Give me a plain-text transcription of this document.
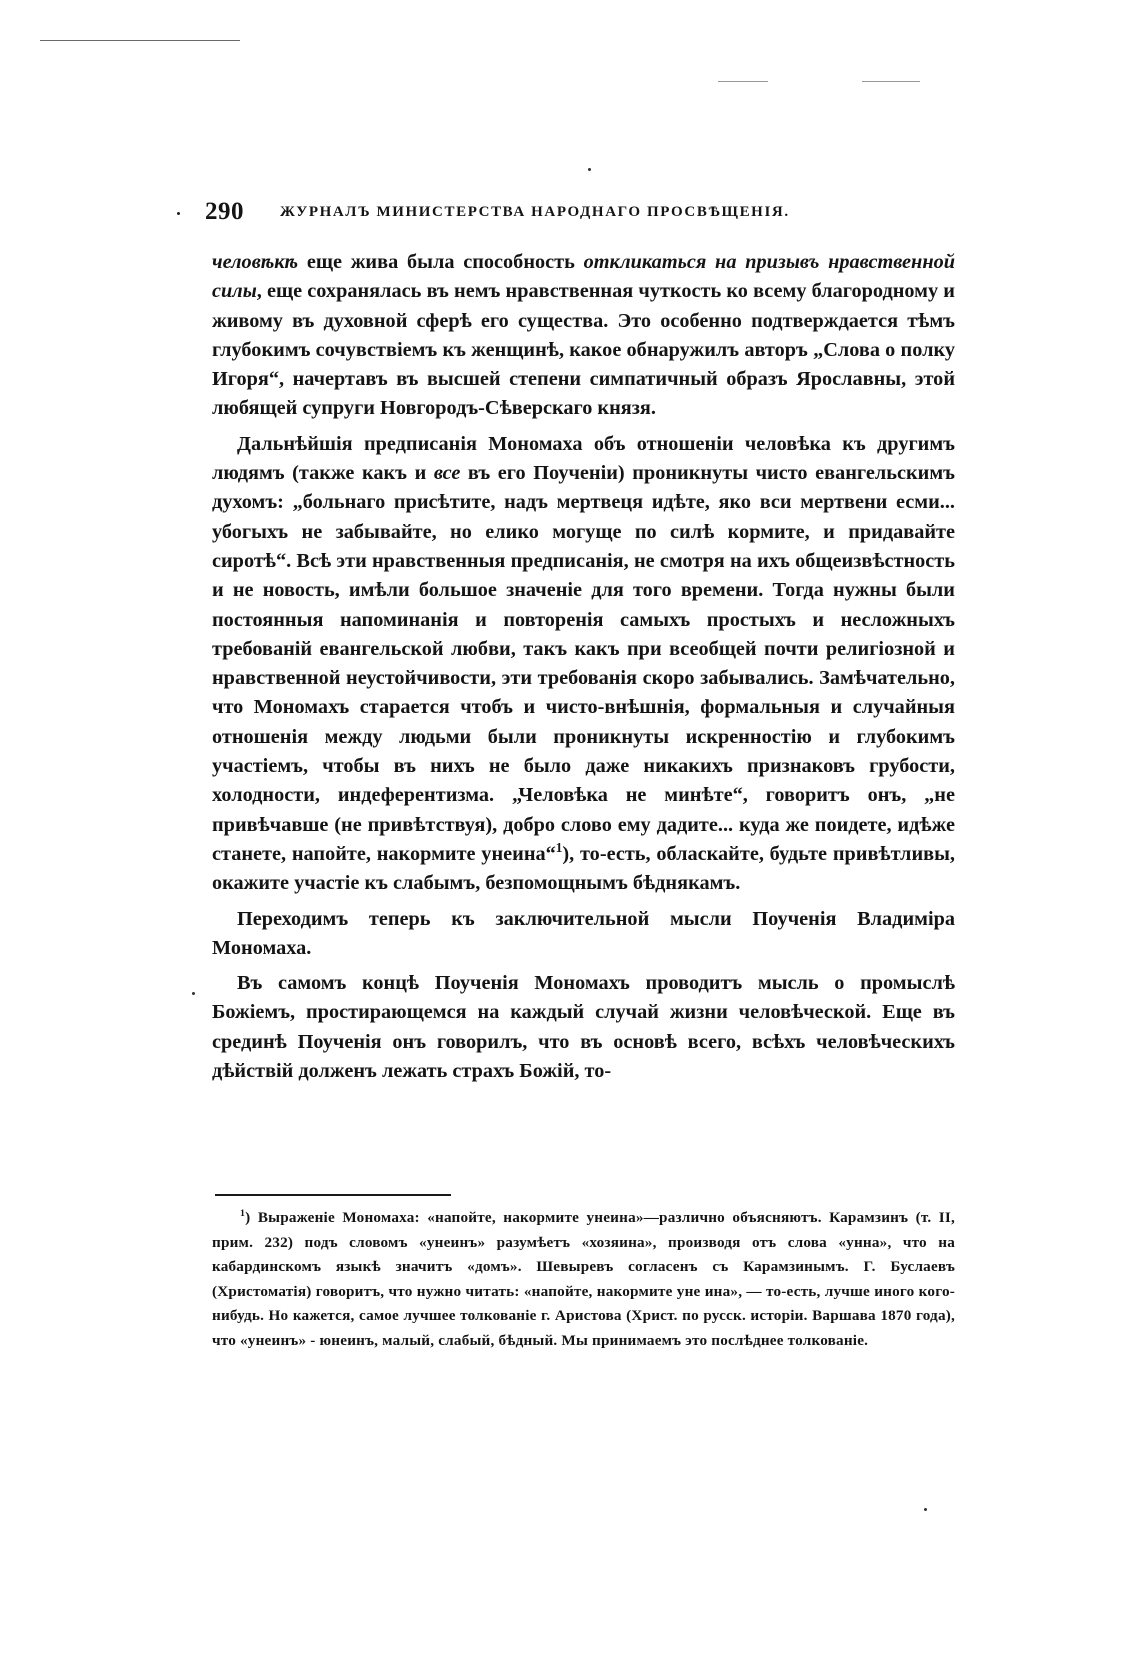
290 ЖУРНАЛЪ МИНИСТЕРСТВА НАРОДНАГО ПРОСВѢЩЕНІЯ.

человѣкѣ еще жива была способность откликаться на призывъ нравственной силы, еще сохранялась въ немъ нравственная чуткость ко всему благородному и живому въ духовной сферѣ его существа. Это особенно подтверждается тѣмъ глубокимъ сочувствіемъ къ женщинѣ, какое обнаружилъ авторъ „Слова о полку Игоря“, начертавъ въ высшей степени симпатичный образъ Ярославны, этой любящей супруги Новгородъ-Сѣверскаго князя.

Дальнѣйшія предписанія Мономаха объ отношеніи человѣка къ другимъ людямъ (также какъ и все въ его Поученіи) проникнуты чисто евангельскимъ духомъ: „больнаго присѣтите, надъ мертвеця идѣте, яко вси мертвени есми... убогыхъ не забывайте, но елико могуще по силѣ кормите, и придавайте сиротѣ“. Всѣ эти нравственныя предписанія, не смотря на ихъ общеизвѣстность и не новость, имѣли большое значеніе для того времени. Тогда нужны были постоянныя напоминанія и повторенія самыхъ простыхъ и несложныхъ требованій евангельской любви, такъ какъ при всеобщей почти религіозной и нравственной неустойчивости, эти требованія скоро забывались. Замѣчательно, что Мономахъ старается чтобъ и чисто-внѣшнія, формальныя и случайныя отношенія между людьми были проникнуты искренностію и глубокимъ участіемъ, чтобы въ нихъ не было даже никакихъ признаковъ грубости, холодности, индеферентизма. „Человѣка не минѣте“, говоритъ онъ, „не привѣчавше (не привѣтствуя), добро слово ему дадите... куда же поидете, идѣже станете, напойте, накормите унеина“$^1$), то-есть, обласкайте, будьте привѣтливы, окажите участіе къ слабымъ, безпомощнымъ бѣднякамъ.

Переходимъ теперь къ заключительной мысли Поученія Владиміра Мономаха.

Въ самомъ концѣ Поученія Мономахъ проводитъ мысль о промыслѣ Божіемъ, простирающемся на каждый случай жизни человѣческой. Еще въ срединѣ Поученія онъ говорилъ, что въ основѣ всего, всѣхъ человѣческихъ дѣйствій долженъ лежать страхъ Божій, то-

$^1$) Выраженіе Мономаха: «напойте, накормите унеина»—различно объясняютъ. Карамзинъ (т. II, прим. 232) подъ словомъ «унеинъ» разумѣетъ «хозяина», производя отъ слова «унна», что на кабардинскомъ языкѣ значитъ «домъ». Шевыревъ согласенъ съ Карамзинымъ. Г. Буслаевъ (Христоматія) говоритъ, что нужно читать: «напойте, накормите уне ина», — то-есть, лучше иного кого-нибудь. Но кажется, самое лучшее толкованіе г. Аристова (Христ. по русск. исторіи. Варшава 1870 года), что «унеинъ» - юнеинъ, малый, слабый, бѣдный. Мы принимаемъ это послѣднее толкованіе.
